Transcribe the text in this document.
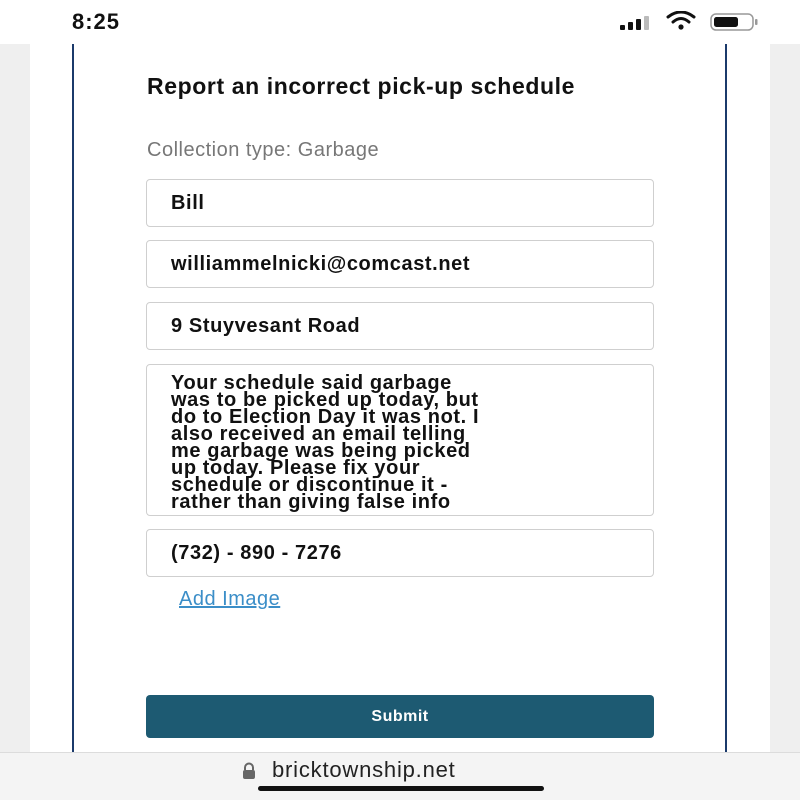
8:25
Report an incorrect pick-up schedule
Collection type: Garbage
Bill
williammelnicki@comcast.net
9 Stuyvesant Road
Your schedule said garbage
was to be picked up today, but
do to Election Day it was not. I
also received an email telling
me garbage was being picked
up today. Please fix your
schedule or discontinue it -
rather than giving false info
(732) - 890 - 7276
Add Image
Submit
bricktownship.net
